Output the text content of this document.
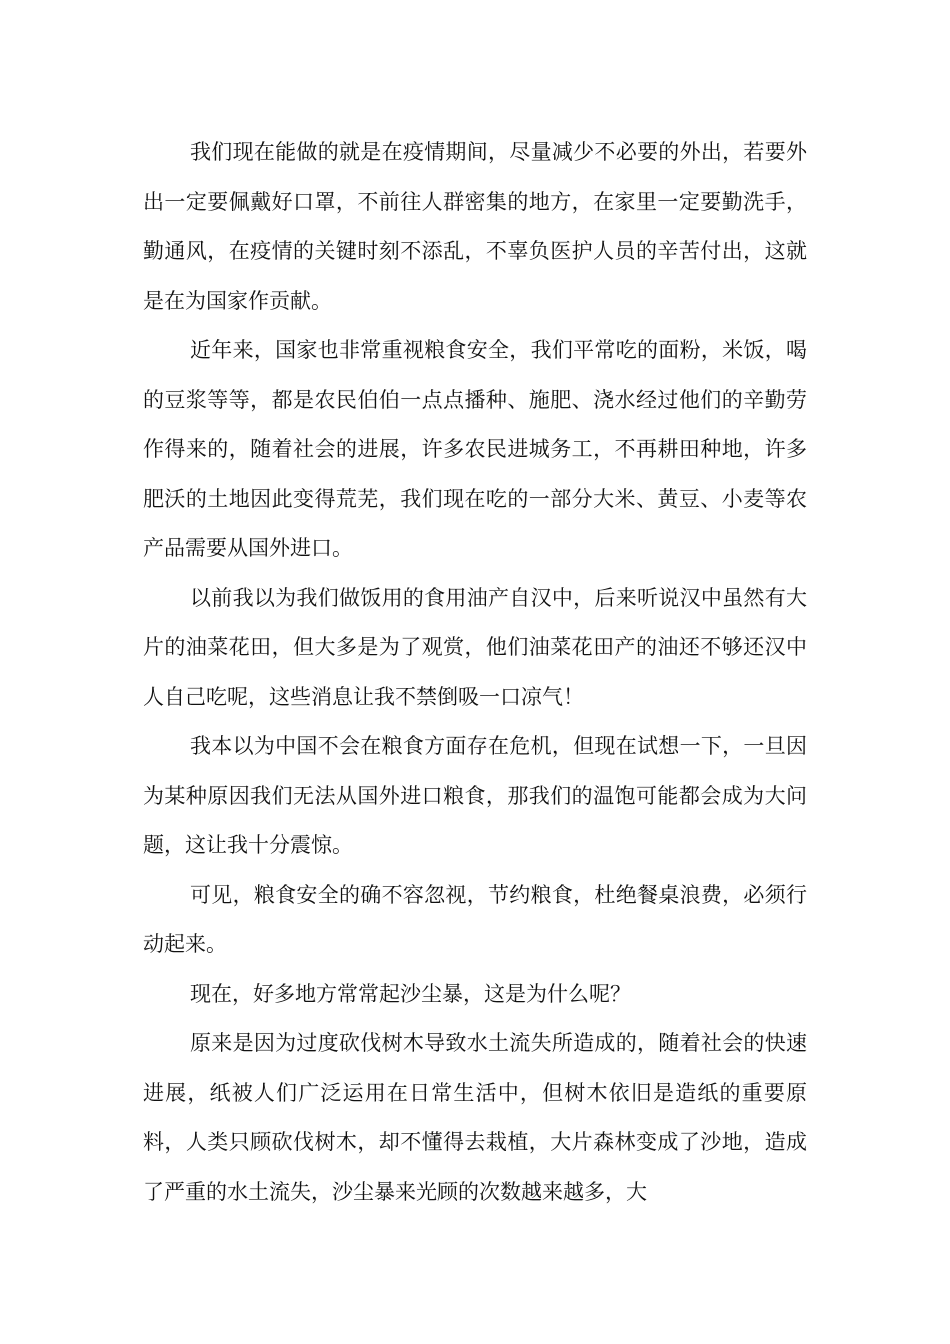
我们现在能做的就是在疫情期间，尽量减少不必要的外出，若要外出一定要佩戴好口罩，不前往人群密集的地方，在家里一定要勤洗手，勤通风，在疫情的关键时刻不添乱，不辜负医护人员的辛苦付出，这就是在为国家作贡献。

近年来，国家也非常重视粮食安全，我们平常吃的面粉，米饭，喝的豆浆等等，都是农民伯伯一点点播种、施肥、浇水经过他们的辛勤劳作得来的，随着社会的进展，许多农民进城务工，不再耕田种地，许多肥沃的土地因此变得荒芜，我们现在吃的一部分大米、黄豆、小麦等农产品需要从国外进口。

以前我以为我们做饭用的食用油产自汉中，后来听说汉中虽然有大片的油菜花田，但大多是为了观赏，他们油菜花田产的油还不够还汉中人自己吃呢，这些消息让我不禁倒吸一口凉气！

我本以为中国不会在粮食方面存在危机，但现在试想一下，一旦因为某种原因我们无法从国外进口粮食，那我们的温饱可能都会成为大问题，这让我十分震惊。

可见，粮食安全的确不容忽视，节约粮食，杜绝餐桌浪费，必须行动起来。

现在，好多地方常常起沙尘暴，这是为什么呢？

原来是因为过度砍伐树木导致水土流失所造成的，随着社会的快速进展，纸被人们广泛运用在日常生活中，但树木依旧是造纸的重要原料，人类只顾砍伐树木，却不懂得去栽植，大片森林变成了沙地，造成了严重的水土流失，沙尘暴来光顾的次数越来越多，大
